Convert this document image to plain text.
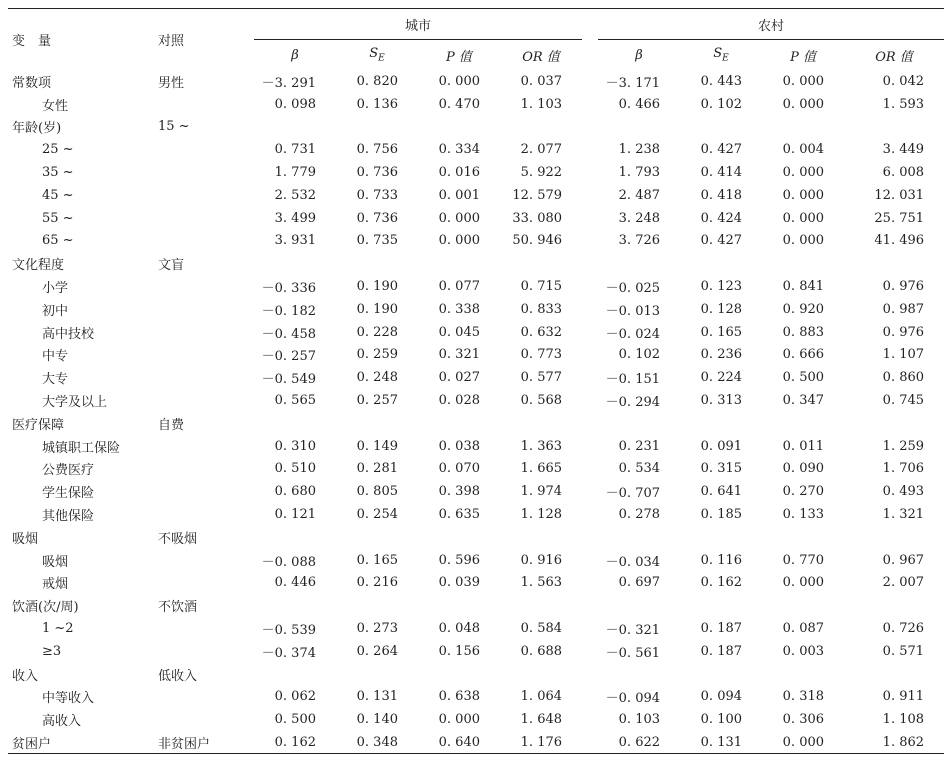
变　量	对照	城市					农村			
		β	$S_E$	P 值	OR 值		β	$S_E$	P 值	OR 值
常数项	男性	－3. 291	0. 820	0. 000	0. 037		－3. 171	0. 443	0. 000	0. 042
女性		0. 098	0. 136	0. 470	1. 103		0. 466	0. 102	0. 000	1. 593
年龄(岁)	15 ~									
25 ~		0. 731	0. 756	0. 334	2. 077		1. 238	0. 427	0. 004	3. 449
35 ~		1. 779	0. 736	0. 016	5. 922		1. 793	0. 414	0. 000	6. 008
45 ~		2. 532	0. 733	0. 001	12. 579		2. 487	0. 418	0. 000	12. 031
55 ~		3. 499	0. 736	0. 000	33. 080		3. 248	0. 424	0. 000	25. 751
65 ~		3. 931	0. 735	0. 000	50. 946		3. 726	0. 427	0. 000	41. 496
文化程度	文盲									
小学		－0. 336	0. 190	0. 077	0. 715		－0. 025	0. 123	0. 841	0. 976
初中		－0. 182	0. 190	0. 338	0. 833		－0. 013	0. 128	0. 920	0. 987
高中技校		－0. 458	0. 228	0. 045	0. 632		－0. 024	0. 165	0. 883	0. 976
中专		－0. 257	0. 259	0. 321	0. 773		0. 102	0. 236	0. 666	1. 107
大专		－0. 549	0. 248	0. 027	0. 577		－0. 151	0. 224	0. 500	0. 860
大学及以上		0. 565	0. 257	0. 028	0. 568		－0. 294	0. 313	0. 347	0. 745
医疗保障	自费									
城镇职工保险		0. 310	0. 149	0. 038	1. 363		0. 231	0. 091	0. 011	1. 259
公费医疗		0. 510	0. 281	0. 070	1. 665		0. 534	0. 315	0. 090	1. 706
学生保险		0. 680	0. 805	0. 398	1. 974		－0. 707	0. 641	0. 270	0. 493
其他保险		0. 121	0. 254	0. 635	1. 128		0. 278	0. 185	0. 133	1. 321
吸烟	不吸烟									
吸烟		－0. 088	0. 165	0. 596	0. 916		－0. 034	0. 116	0. 770	0. 967
戒烟		0. 446	0. 216	0. 039	1. 563		0. 697	0. 162	0. 000	2. 007
饮酒(次/周)	不饮酒									
1 ~2		－0. 539	0. 273	0. 048	0. 584		－0. 321	0. 187	0. 087	0. 726
≥3		－0. 374	0. 264	0. 156	0. 688		－0. 561	0. 187	0. 003	0. 571
收入	低收入									
中等收入		0. 062	0. 131	0. 638	1. 064		－0. 094	0. 094	0. 318	0. 911
高收入		0. 500	0. 140	0. 000	1. 648		0. 103	0. 100	0. 306	1. 108
贫困户	非贫困户	0. 162	0. 348	0. 640	1. 176		0. 622	0. 131	0. 000	1. 862
